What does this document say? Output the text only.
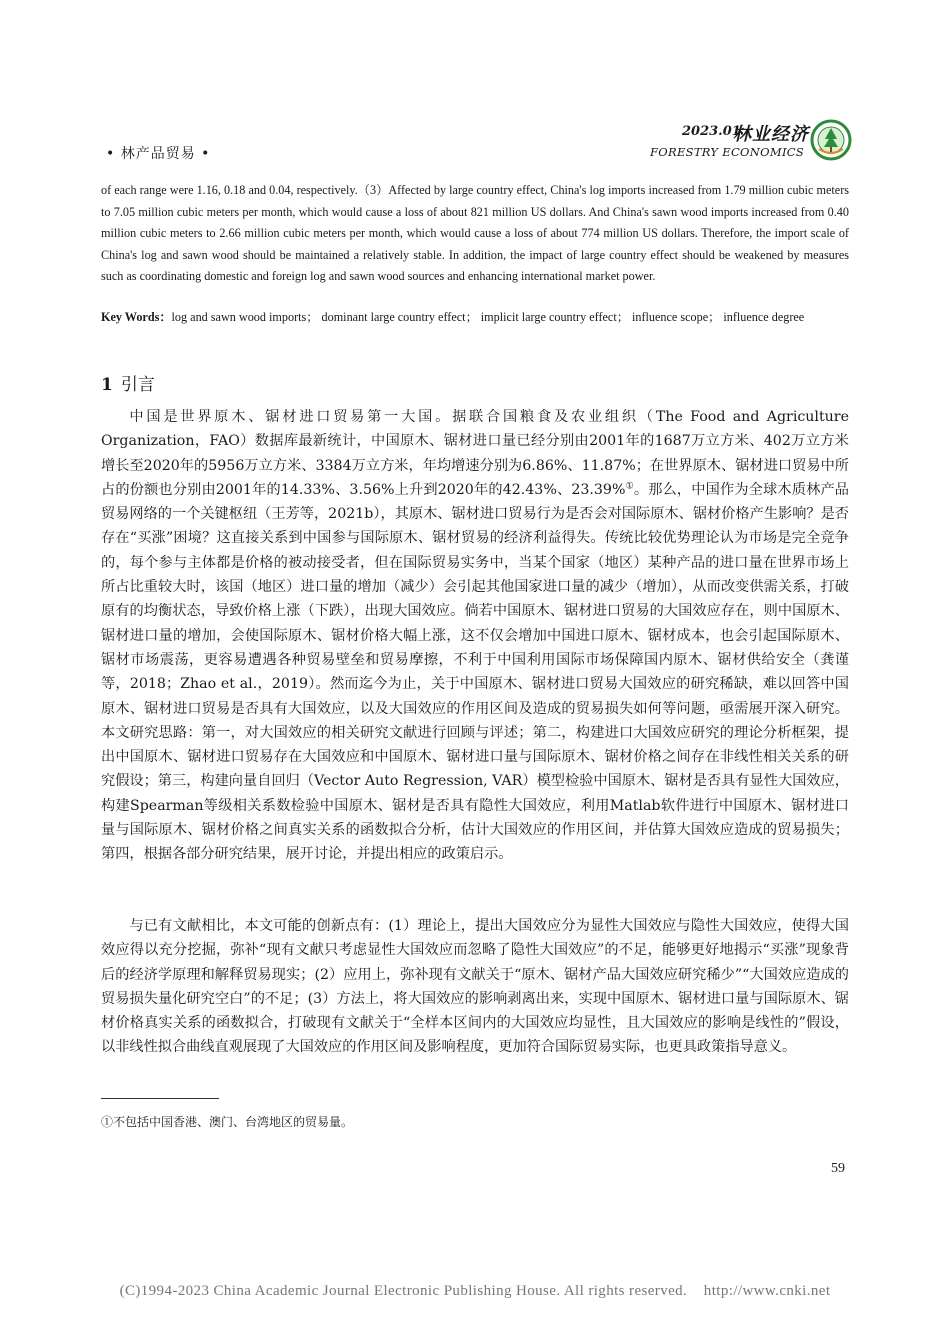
• 林产品贸易 •
2023.01
林业经济
FORESTRY ECONOMICS
of each range were 1.16, 0.18 and 0.04, respectively.（3）Affected by large country effect, China's log imports increased from 1.79 million cubic meters to 7.05 million cubic meters per month, which would cause a loss of about 821 million US dollars. And China's sawn wood imports increased from 0.40 million cubic meters to 2.66 million cubic meters per month, which would cause a loss of about 774 million US dollars. Therefore, the import scale of China's log and sawn wood should be maintained a relatively stable. In addition, the impact of large country effect should be weakened by measures such as coordinating domestic and foreign log and sawn wood sources and enhancing international market power.
Key Words：log and sawn wood imports； dominant large country effect； implicit large country effect； influence scope； influence degree
1 引言

中国是世界原木、锯材进口贸易第一大国。据联合国粮食及农业组织（The Food and Agriculture Organization，FAO）数据库最新统计，中国原木、锯材进口量已经分别由2001年的1687万立方米、402万立方米增长至2020年的5956万立方米、3384万立方米，年均增速分别为6.86%、11.87%；在世界原木、锯材进口贸易中所占的份额也分别由2001年的14.33%、3.56%上升到2020年的42.43%、23.39%①。那么，中国作为全球木质林产品贸易网络的一个关键枢纽（王芳等，2021b），其原木、锯材进口贸易行为是否会对国际原木、锯材价格产生影响？是否存在“买涨”困境？这直接关系到中国参与国际原木、锯材贸易的经济利益得失。传统比较优势理论认为市场是完全竞争的，每个参与主体都是价格的被动接受者，但在国际贸易实务中，当某个国家（地区）某种产品的进口量在世界市场上所占比重较大时，该国（地区）进口量的增加（减少）会引起其他国家进口量的减少（增加），从而改变供需关系，打破原有的均衡状态，导致价格上涨（下跌），出现大国效应。倘若中国原木、锯材进口贸易的大国效应存在，则中国原木、锯材进口量的增加，会使国际原木、锯材价格大幅上涨，这不仅会增加中国进口原木、锯材成本，也会引起国际原木、锯材市场震荡，更容易遭遇各种贸易壁垒和贸易摩擦，不利于中国利用国际市场保障国内原木、锯材供给安全（龚谨等，2018；Zhao et al.，2019）。然而迄今为止，关于中国原木、锯材进口贸易大国效应的研究稀缺，难以回答中国原木、锯材进口贸易是否具有大国效应，以及大国效应的作用区间及造成的贸易损失如何等问题，亟需展开深入研究。本文研究思路：第一，对大国效应的相关研究文献进行回顾与评述；第二，构建进口大国效应研究的理论分析框架，提出中国原木、锯材进口贸易存在大国效应和中国原木、锯材进口量与国际原木、锯材价格之间存在非线性相关关系的研究假设；第三，构建向量自回归（Vector Auto Regression, VAR）模型检验中国原木、锯材是否具有显性大国效应，构建Spearman等级相关系数检验中国原木、锯材是否具有隐性大国效应，利用Matlab软件进行中国原木、锯材进口量与国际原木、锯材价格之间真实关系的函数拟合分析，估计大国效应的作用区间，并估算大国效应造成的贸易损失；第四，根据各部分研究结果，展开讨论，并提出相应的政策启示。

与已有文献相比，本文可能的创新点有：(1）理论上，提出大国效应分为显性大国效应与隐性大国效应，使得大国效应得以充分挖掘，弥补“现有文献只考虑显性大国效应而忽略了隐性大国效应”的不足，能够更好地揭示“买涨”现象背后的经济学原理和解释贸易现实；(2）应用上，弥补现有文献关于“原木、锯材产品大国效应研究稀少”“大国效应造成的贸易损失量化研究空白”的不足；(3）方法上，将大国效应的影响剥离出来，实现中国原木、锯材进口量与国际原木、锯材价格真实关系的函数拟合，打破现有文献关于“全样本区间内的大国效应均显性，且大国效应的影响是线性的”假设，以非线性拟合曲线直观展现了大国效应的作用区间及影响程度，更加符合国际贸易实际，也更具政策指导意义。

①不包括中国香港、澳门、台湾地区的贸易量。
59
(C)1994-2023 China Academic Journal Electronic Publishing House. All rights reserved.    http://www.cnki.net
